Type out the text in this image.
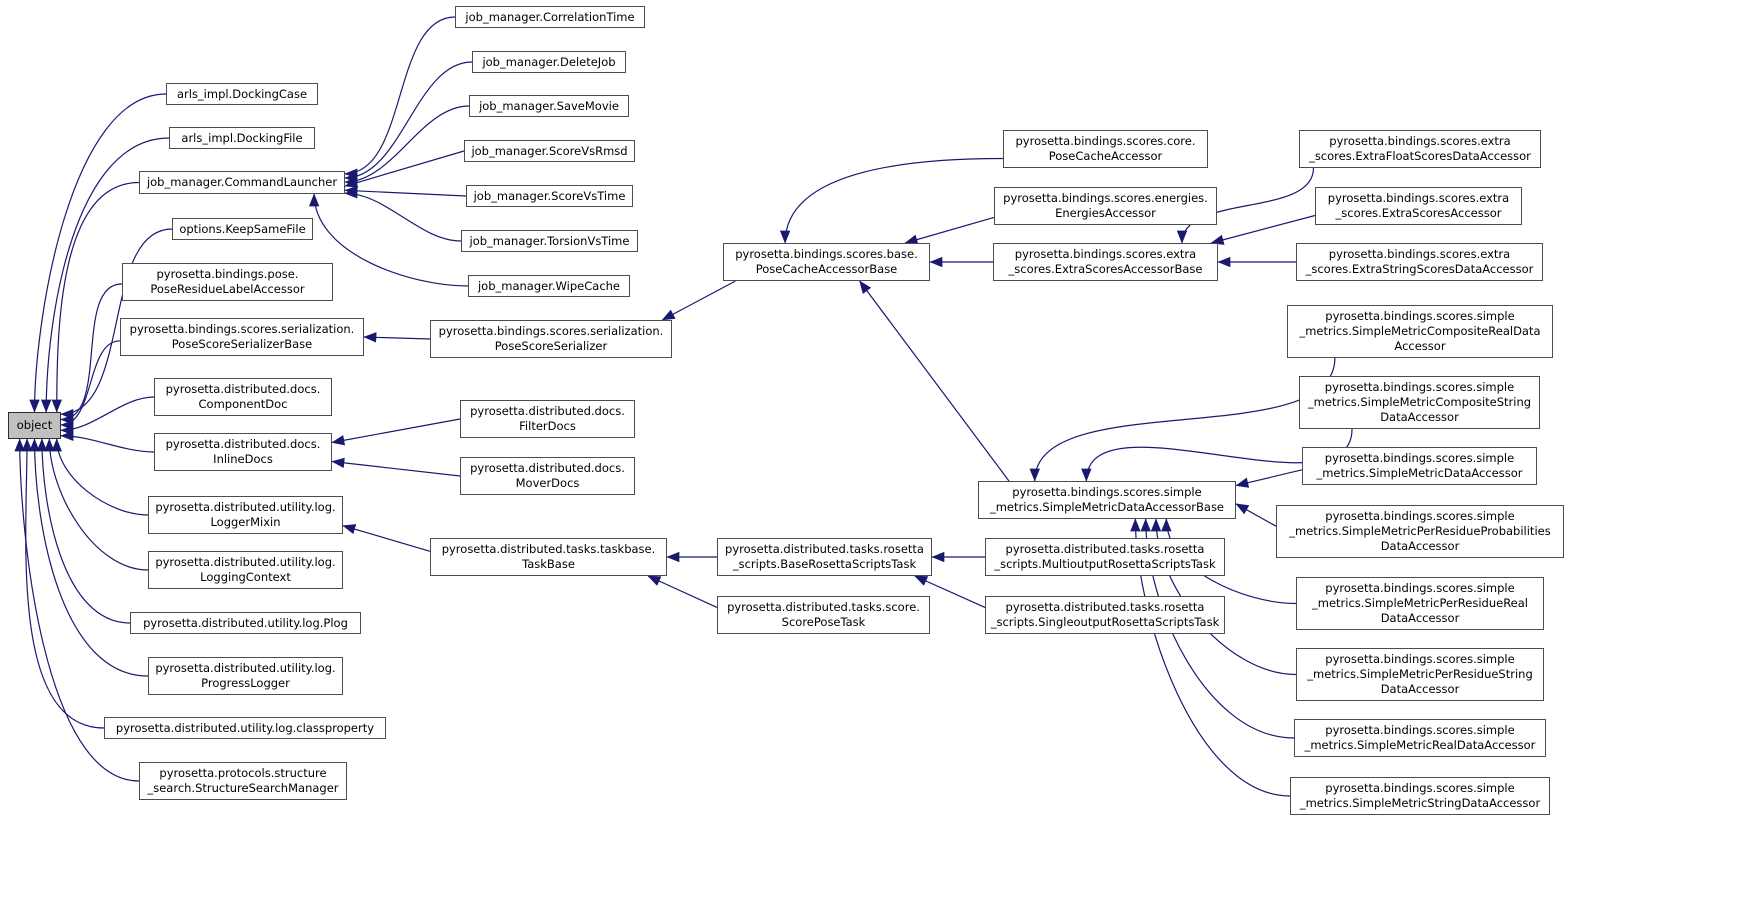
object
arls_impl.DockingCase
arls_impl.DockingFile
job_manager.CommandLauncher
options.KeepSameFile
pyrosetta.bindings.pose.
PoseResidueLabelAccessor
pyrosetta.bindings.scores.serialization.
PoseScoreSerializerBase
pyrosetta.distributed.docs.
ComponentDoc
pyrosetta.distributed.docs.
InlineDocs
pyrosetta.distributed.utility.log.
LoggerMixin
pyrosetta.distributed.utility.log.
LoggingContext
pyrosetta.distributed.utility.log.Plog
pyrosetta.distributed.utility.log.
ProgressLogger
pyrosetta.distributed.utility.log.classproperty
pyrosetta.protocols.structure
_search.StructureSearchManager
job_manager.CorrelationTime
job_manager.DeleteJob
job_manager.SaveMovie
job_manager.ScoreVsRmsd
job_manager.ScoreVsTime
job_manager.TorsionVsTime
job_manager.WipeCache
pyrosetta.bindings.scores.serialization.
PoseScoreSerializer
pyrosetta.distributed.docs.
FilterDocs
pyrosetta.distributed.docs.
MoverDocs
pyrosetta.distributed.tasks.taskbase.
TaskBase
pyrosetta.distributed.tasks.score.
ScorePoseTask
pyrosetta.bindings.scores.base.
PoseCacheAccessorBase
pyrosetta.distributed.tasks.rosetta
_scripts.BaseRosettaScriptsTask
pyrosetta.bindings.scores.core.
PoseCacheAccessor
pyrosetta.bindings.scores.energies.
EnergiesAccessor
pyrosetta.bindings.scores.extra
_scores.ExtraScoresAccessorBase
pyrosetta.bindings.scores.simple
_metrics.SimpleMetricDataAccessorBase
pyrosetta.distributed.tasks.rosetta
_scripts.MultioutputRosettaScriptsTask
pyrosetta.distributed.tasks.rosetta
_scripts.SingleoutputRosettaScriptsTask
pyrosetta.bindings.scores.extra
_scores.ExtraFloatScoresDataAccessor
pyrosetta.bindings.scores.extra
_scores.ExtraScoresAccessor
pyrosetta.bindings.scores.extra
_scores.ExtraStringScoresDataAccessor
pyrosetta.bindings.scores.simple
_metrics.SimpleMetricCompositeRealData
Accessor
pyrosetta.bindings.scores.simple
_metrics.SimpleMetricCompositeString
DataAccessor
pyrosetta.bindings.scores.simple
_metrics.SimpleMetricDataAccessor
pyrosetta.bindings.scores.simple
_metrics.SimpleMetricPerResidueProbabilities
DataAccessor
pyrosetta.bindings.scores.simple
_metrics.SimpleMetricPerResidueReal
DataAccessor
pyrosetta.bindings.scores.simple
_metrics.SimpleMetricPerResidueString
DataAccessor
pyrosetta.bindings.scores.simple
_metrics.SimpleMetricRealDataAccessor
pyrosetta.bindings.scores.simple
_metrics.SimpleMetricStringDataAccessor
